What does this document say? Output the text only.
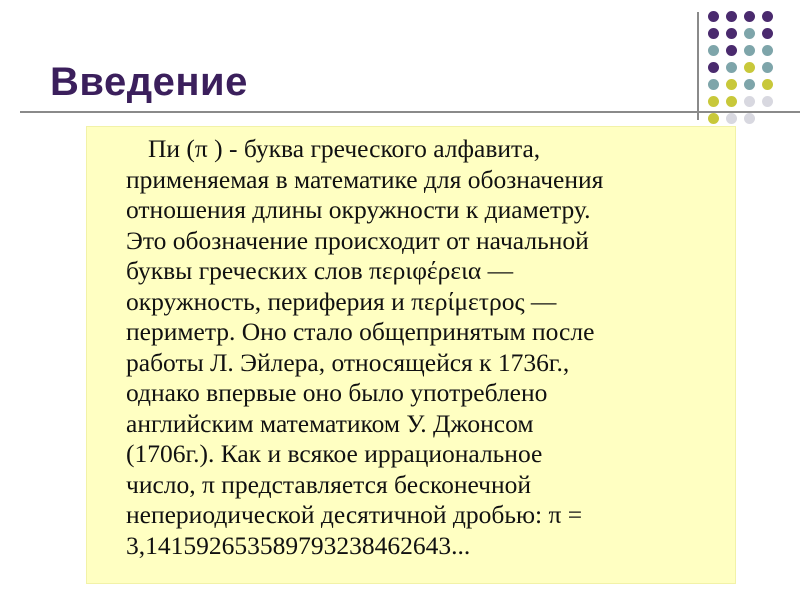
Введение

Пи (π ) - буква греческого алфавита,
применяемая в математике для обозначения
отношения длины окружности к диаметру.
Это обозначение происходит от начальной
буквы греческих слов περιφέρεια —
окружность, периферия и περίμετρος —
периметр. Оно стало общепринятым после
работы Л. Эйлера, относящейся к 1736г.,
однако впервые оно было употреблено
английским математиком У. Джонсом
(1706г.). Как и всякое иррациональное
число, π представляется бесконечной
непериодической десятичной дробью: π =
3,141592653589793238462643...
